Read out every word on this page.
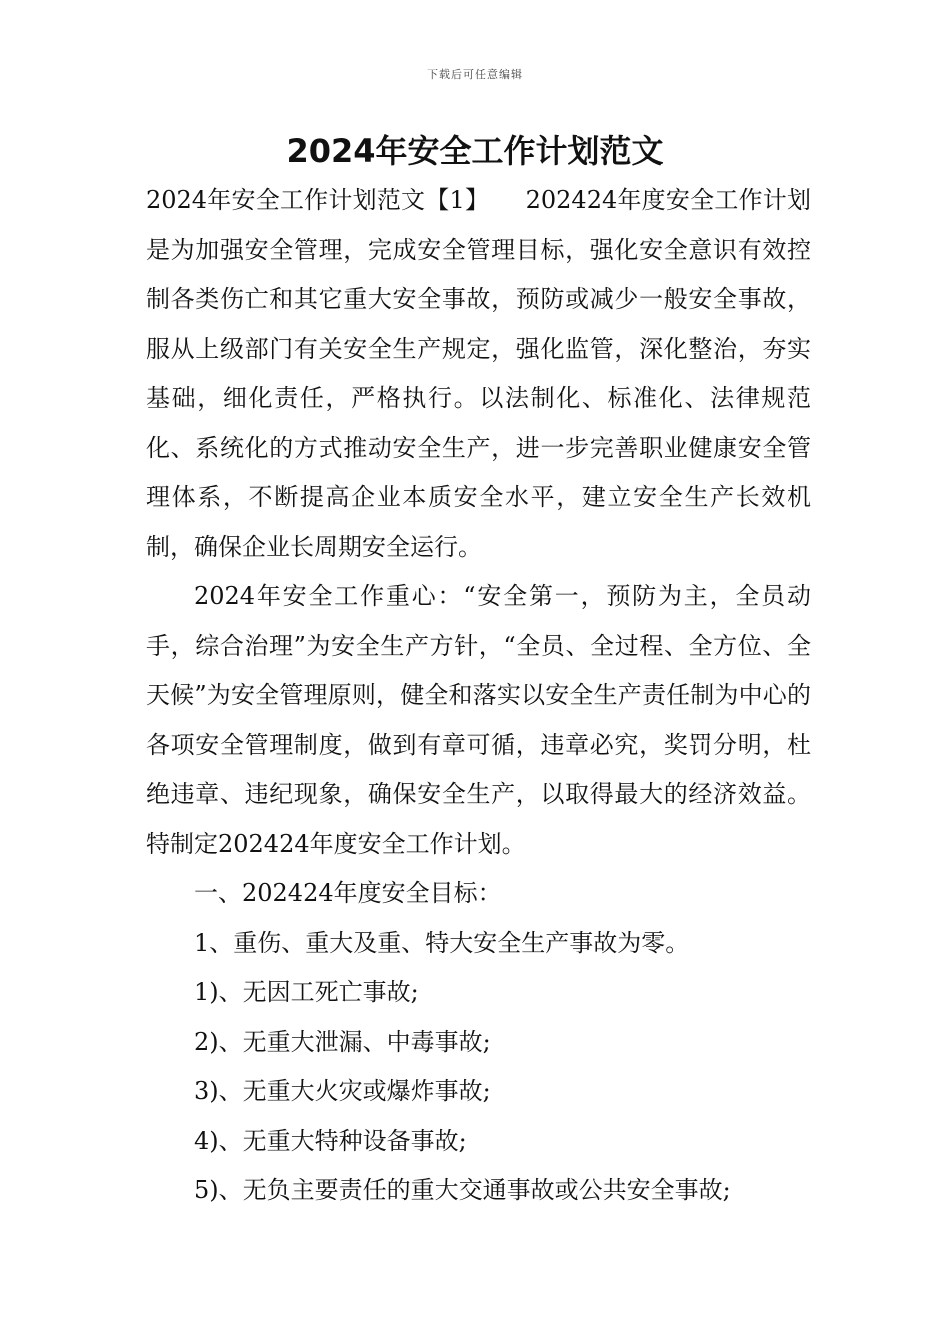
下载后可任意编辑
2024年安全工作计划范文

2024年安全工作计划范文【1】　　202424年度安全工作计划是为加强安全管理，完成安全管理目标，强化安全意识有效控制各类伤亡和其它重大安全事故，预防或减少一般安全事故，服从上级部门有关安全生产规定，强化监管，深化整治，夯实基础，细化责任，严格执行。以法制化、标准化、法律规范化、系统化的方式推动安全生产，进一步完善职业健康安全管理体系，不断提高企业本质安全水平，建立安全生产长效机制，确保企业长周期安全运行。

2024年安全工作重心：“安全第一，预防为主，全员动手，综合治理”为安全生产方针，“全员、全过程、全方位、全天候”为安全管理原则，健全和落实以安全生产责任制为中心的各项安全管理制度，做到有章可循，违章必究，奖罚分明，杜绝违章、违纪现象，确保安全生产，以取得最大的经济效益。特制定202424年度安全工作计划。

一、202424年度安全目标：

1、重伤、重大及重、特大安全生产事故为零。

1)、无因工死亡事故;

2)、无重大泄漏、中毒事故;

3)、无重大火灾或爆炸事故;

4)、无重大特种设备事故;

5)、无负主要责任的重大交通事故或公共安全事故;
